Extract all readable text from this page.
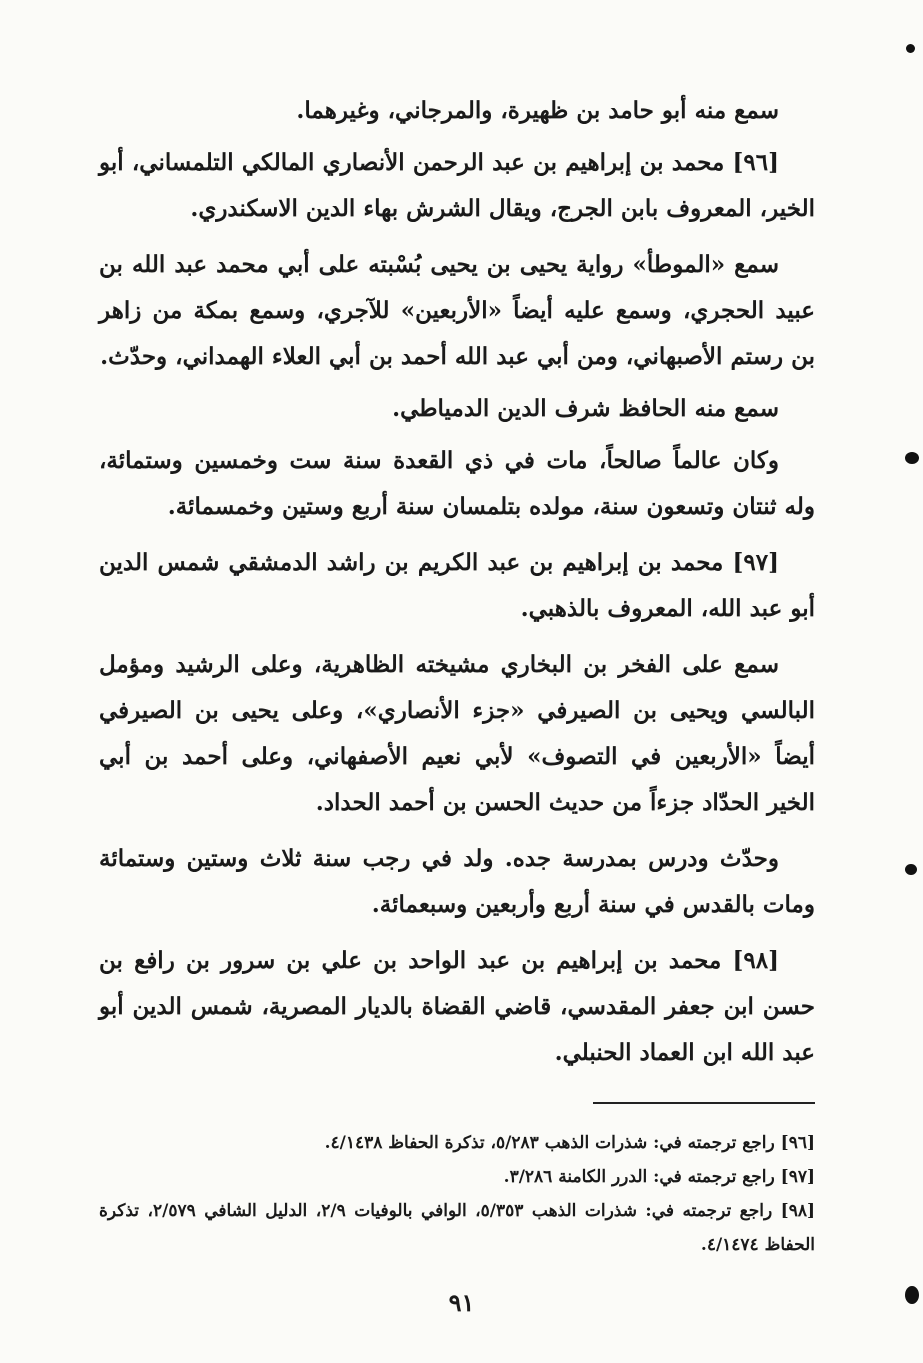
سمع منه أبو حامد بن ظهيرة، والمرجاني، وغيرهما.

[٩٦] محمد بن إبراهيم بن عبد الرحمن الأنصاري المالكي التلمساني، أبو الخير، المعروف بابن الجرج، ويقال الشرش بهاء الدين الاسكندري.

سمع «الموطأ» رواية يحيى بن يحيى بُسْبته على أبي محمد عبد الله بن عبيد الحجري، وسمع عليه أيضاً «الأربعين» للآجري، وسمع بمكة من زاهر بن رستم الأصبهاني، ومن أبي عبد الله أحمد بن أبي العلاء الهمداني، وحدّث.

سمع منه الحافظ شرف الدين الدمياطي.

وكان عالماً صالحاً، مات في ذي القعدة سنة ست وخمسين وستمائة، وله ثنتان وتسعون سنة، مولده بتلمسان سنة أربع وستين وخمسمائة.

[٩٧] محمد بن إبراهيم بن عبد الكريم بن راشد الدمشقي شمس الدين أبو عبد الله، المعروف بالذهبي.

سمع على الفخر بن البخاري مشيخته الظاهرية، وعلى الرشيد ومؤمل البالسي ويحيى بن الصيرفي «جزء الأنصاري»، وعلى يحيى بن الصيرفي أيضاً «الأربعين في التصوف» لأبي نعيم الأصفهاني، وعلى أحمد بن أبي الخير الحدّاد جزءاً من حديث الحسن بن أحمد الحداد.

وحدّث ودرس بمدرسة جده. ولد في رجب سنة ثلاث وستين وستمائة ومات بالقدس في سنة أربع وأربعين وسبعمائة.

[٩٨] محمد بن إبراهيم بن عبد الواحد بن علي بن سرور بن رافع بن حسن ابن جعفر المقدسي، قاضي القضاة بالديار المصرية، شمس الدين أبو عبد الله ابن العماد الحنبلي.

[٩٦] راجع ترجمته في: شذرات الذهب ٥/٢٨٣، تذكرة الحفاظ ٤/١٤٣٨.

[٩٧] راجع ترجمته في: الدرر الكامنة ٣/٢٨٦.

[٩٨] راجع ترجمته في: شذرات الذهب ٥/٣٥٣، الوافي بالوفيات ٢/٩، الدليل الشافي ٢/٥٧٩، تذكرة الحفاظ ٤/١٤٧٤.

٩١
